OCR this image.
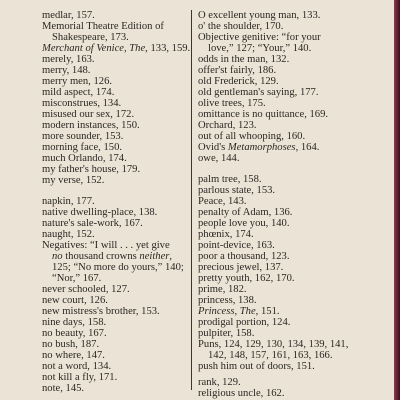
medlar, 157.
Memorial Theatre Edition of
Shakespeare, 173.
Merchant of Venice, The, 133, 159.
merely, 163.
merry, 148.
merry men, 126.
mild aspect, 174.
misconstrues, 134.
misused our sex, 172.
modern instances, 150.
more sounder, 153.
morning face, 150.
much Orlando, 174.
my father's house, 179.
my verse, 152.
napkin, 177.
native dwelling-place, 138.
nature's sale-work, 167.
naught, 152.
Negatives: “I will . . . yet give
no thousand crowns neither,
125; “No more do yours,” 140;
“Nor,” 167.
never schooled, 127.
new court, 126.
new mistress's brother, 153.
nine days, 158.
no beauty, 167.
no bush, 187.
no where, 147.
not a word, 134.
not kill a fly, 171.
note, 145.
O excellent young man, 133.
o' the shoulder, 170.
Objective genitive: “for your
love,” 127; “Your,” 140.
odds in the man, 132.
offer'st fairly, 186.
old Frederick, 129.
old gentleman's saying, 177.
olive trees, 175.
omittance is no quittance, 169.
Orchard, 123.
out of all whooping, 160.
Ovid's Metamorphoses, 164.
owe, 144.
palm tree, 158.
parlous state, 153.
Peace, 143.
penalty of Adam, 136.
people love you, 140.
phœnix, 174.
point-device, 163.
poor a thousand, 123.
precious jewel, 137.
pretty youth, 162, 170.
prime, 182.
princess, 138.
Princess, The, 151.
prodigal portion, 124.
pulpiter, 158.
Puns, 124, 129, 130, 134, 139, 141,
142, 148, 157, 161, 163, 166.
push him out of doors, 151.
rank, 129.
religious uncle, 162.
